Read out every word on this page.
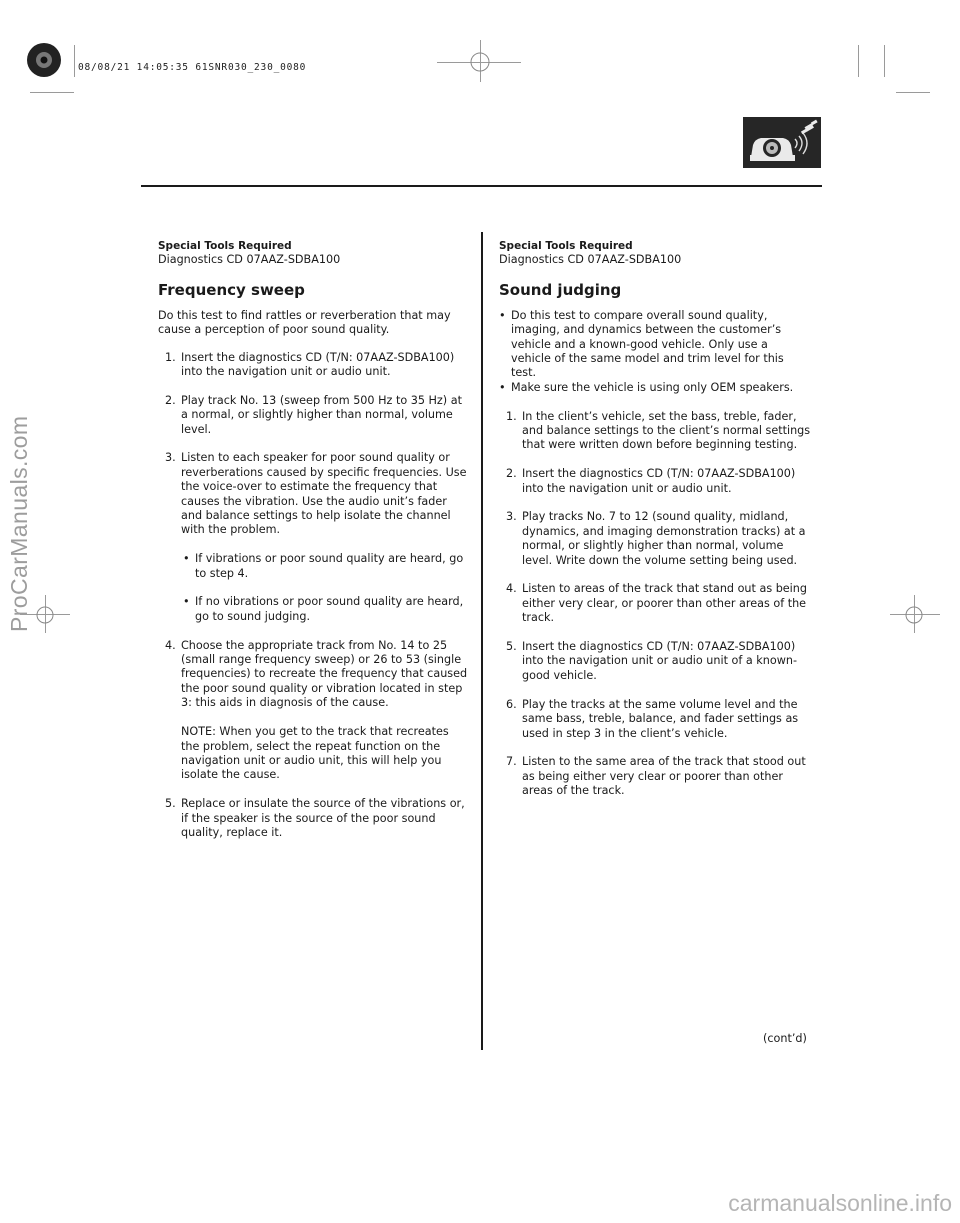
08/08/21 14:05:35 61SNR030_230_0080
Special Tools Required
Diagnostics CD 07AAZ-SDBA100
Frequency sweep

Do this test to find rattles or reverberation that may cause a perception of poor sound quality.

1. Insert the diagnostics CD (T/N: 07AAZ-SDBA100) into the navigation unit or audio unit.
2. Play track No. 13 (sweep from 500 Hz to 35 Hz) at a normal, or slightly higher than normal, volume level.
3. Listen to each speaker for poor sound quality or reverberations caused by specific frequencies. Use the voice-over to estimate the frequency that causes the vibration. Use the audio unit’s fader and balance settings to help isolate the channel with the problem.
• If vibrations or poor sound quality are heard, go to step 4.
• If no vibrations or poor sound quality are heard, go to sound judging.
4. Choose the appropriate track from No. 14 to 25 (small range frequency sweep) or 26 to 53 (single frequencies) to recreate the frequency that caused the poor sound quality or vibration located in step 3: this aids in diagnosis of the cause.
NOTE: When you get to the track that recreates the problem, select the repeat function on the navigation unit or audio unit, this will help you isolate the cause.
5. Replace or insulate the source of the vibrations or, if the speaker is the source of the poor sound quality, replace it.
Special Tools Required
Diagnostics CD 07AAZ-SDBA100
Sound judging
• Do this test to compare overall sound quality, imaging, and dynamics between the customer’s vehicle and a known-good vehicle. Only use a vehicle of the same model and trim level for this test.
• Make sure the vehicle is using only OEM speakers.
1. In the client’s vehicle, set the bass, treble, fader, and balance settings to the client’s normal settings that were written down before beginning testing.
2. Insert the diagnostics CD (T/N: 07AAZ-SDBA100) into the navigation unit or audio unit.
3. Play tracks No. 7 to 12 (sound quality, midland, dynamics, and imaging demonstration tracks) at a normal, or slightly higher than normal, volume level. Write down the volume setting being used.
4. Listen to areas of the track that stand out as being either very clear, or poorer than other areas of the track.
5. Insert the diagnostics CD (T/N: 07AAZ-SDBA100) into the navigation unit or audio unit of a known-good vehicle.
6. Play the tracks at the same volume level and the same bass, treble, balance, and fader settings as used in step 3 in the client’s vehicle.
7. Listen to the same area of the track that stood out as being either very clear or poorer than other areas of the track.
(cont’d)
ProCarManuals.com
carmanualsonline.info
